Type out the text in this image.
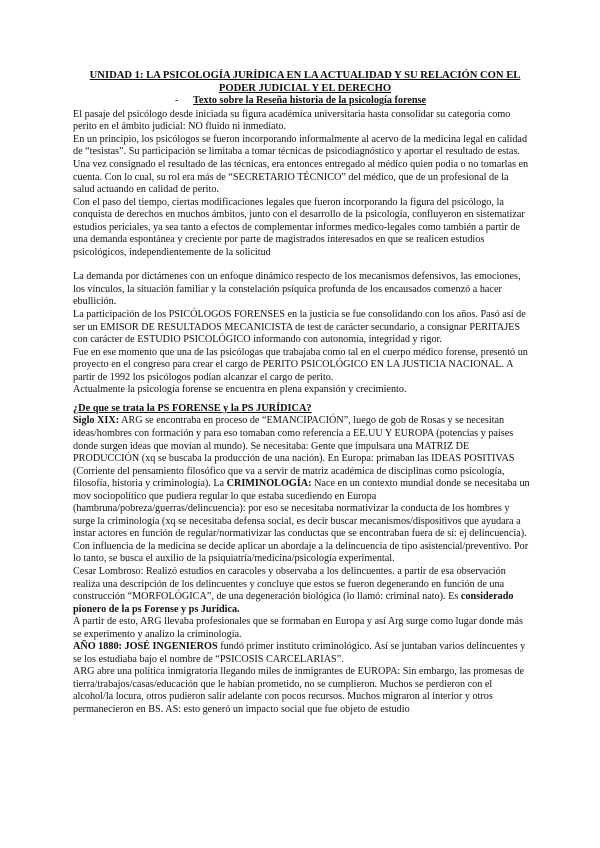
UNIDAD 1: LA PSICOLOGÍA JURÍDICA EN LA ACTUALIDAD Y SU RELACIÓN CON EL PODER JUDICIAL Y EL DERECHO
- Texto sobre la Reseña historia de la psicología forense

El pasaje del psicólogo desde iniciada su figura académica universitaria hasta consolidar su categoría como perito en el ámbito judicial: NO fluido ni inmediato.

En un principio, los psicólogos se fueron incorporando informalmente al acervo de la medicina legal en calidad de “tesistas”. Su participación se limitaba a tomar técnicas de psicodiagnóstico y aportar el resultado de estas.

Una vez consignado el resultado de las técnicas, era entonces entregado al médico quien podía o no tomarlas en cuenta. Con lo cual, su rol era más de “SECRETARIO TÉCNICO” del médico, que de un profesional de la salud actuando en calidad de perito.

Con el paso del tiempo, ciertas modificaciones legales que fueron incorporando la figura del psicólogo, la conquista de derechos en muchos ámbitos, junto con el desarrollo de la psicología, confluyeron en sistematizar estudios periciales, ya sea tanto a efectos de complementar informes medico-legales como también a partir de una demanda espontánea y creciente por parte de magistrados interesados en que se realicen estudios psicológicos, independientemente de la solicitud

La demanda por dictámenes con un enfoque dinámico respecto de los mecanismos defensivos, las emociones, los vínculos, la situación familiar y la constelación psíquica profunda de los encausados comenzó a hacer ebullición.

La participación de los PSICÓLOGOS FORENSES en la justicia se fue consolidando con los años. Pasó así de ser un EMISOR DE RESULTADOS MECANICISTA de test de carácter secundario, a consignar PERITAJES con carácter de ESTUDIO PSICOLÓGICO informando con autonomía, integridad y rigor.

Fue en ese momento que una de las psicólogas que trabajaba como tal en el cuerpo médico forense, presentó un proyecto en el congreso para crear el cargo de PERITO PSICOLÓGICO EN LA JUSTICIA NACIONAL. A partir de 1992 los psicólogos podían alcanzar el cargo de perito.

Actualmente la psicología forense se encuentra en plena expansión y crecimiento.

¿De que se trata la PS FORENSE y la PS JURÍDICA?

Siglo XIX: ARG se encontraba en proceso de “EMANCIPACIÓN”, luego de gob de Rosas y se necesitan ideas/hombres con formación y para eso tomaban como referencia a EE.UU Y EUROPA (potencias y países donde surgen ideas que movían al mundo). Se necesitaba: Gente que impulsara una MATRIZ DE PRODUCCIÓN (xq se buscaba la producción de una nación). En Europa: primaban las IDEAS POSITIVAS (Corriente del pensamiento filosófico que va a servir de matriz académica de disciplinas como psicología, filosofía, historia y criminología). La CRIMINOLOGÍA: Nace en un contexto mundial donde se necesitaba un mov sociopolítico que pudiera regular lo que estaba sucediendo en Europa (hambruna/pobreza/guerras/delincuencia): por eso se necesitaba normativizar la conducta de los hombres y surge la criminología (xq se necesitaba defensa social, es decir buscar mecanismos/dispositivos que ayudara a instar actores en función de regular/normativizar las conductas que se encontraban fuera de sí: ej delincuencia). Con influencia de la medicina se decide aplicar un abordaje a la delincuencia de tipo asistencial/preventivo. Por lo tanto, se busca el auxilio de la psiquiatría/medicina/psicología experimental.

Cesar Lombroso: Realizó estudios en caracoles y observaba a los delincuentes. a partir de esa observación realiza una descripción de los delincuentes y concluye que estos se fueron degenerando en función de una construcción “MORFOLÓGICA”, de una degeneración biológica (lo llamó: criminal nato). Es considerado pionero de la ps Forense y ps Jurídica.

A partir de esto, ARG llevaba profesionales que se formaban en Europa y así Arg surge como lugar donde más se experimento y analizo la criminología.

AÑO 1880: JOSÉ INGENIEROS fundó primer instituto criminológico. Así se juntaban varios delincuentes y se los estudiaba bajo el nombre de “PSICOSIS CARCELARIAS”.

ARG abre una política inmigratoria llegando miles de inmigrantes de EUROPA: Sin embargo, las promesas de tierra/trabajos/casas/educación que le habían prometido, no se cumplieron. Muchos se perdieron con el alcohol/la locura, otros pudieron salir adelante con pocos recursos. Muchos migraron al interior y otros permanecieron en BS. AS: esto generó un impacto social que fue objeto de estudio
